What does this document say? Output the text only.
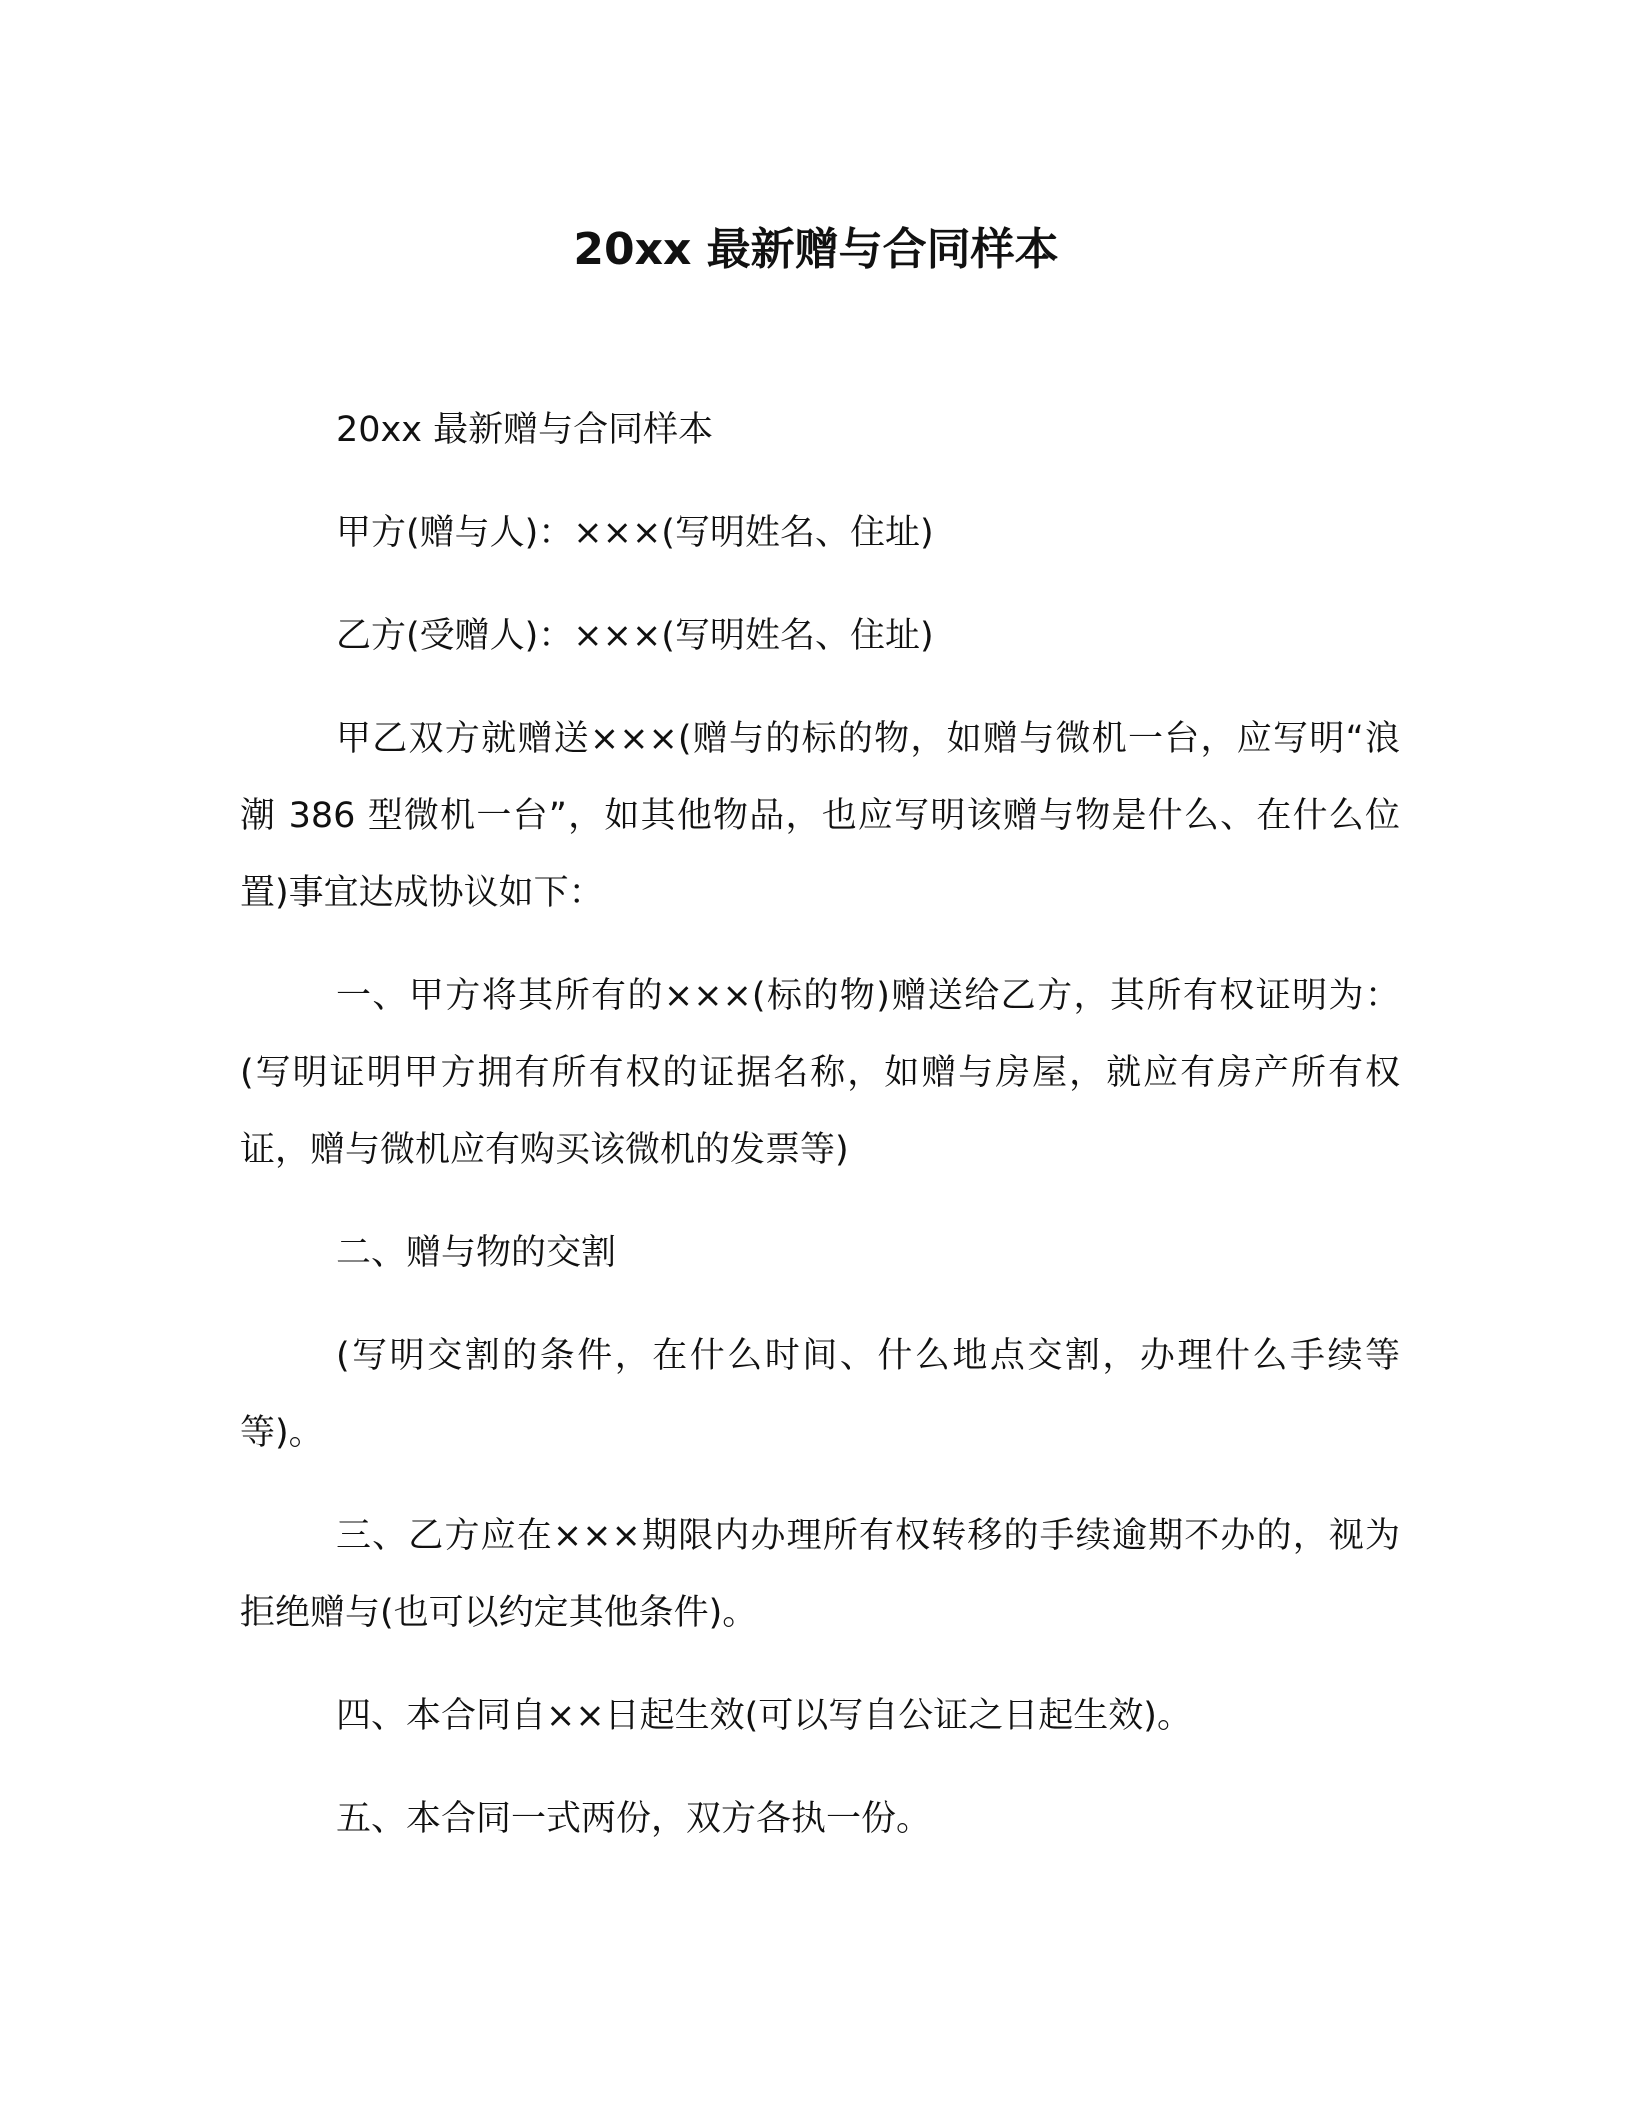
20xx 最新赠与合同样本

20xx 最新赠与合同样本

甲方(赠与人)：×××(写明姓名、住址)

乙方(受赠人)：×××(写明姓名、住址)

甲乙双方就赠送×××(赠与的标的物，如赠与微机一台，应写明“浪潮 386 型微机一台”，如其他物品，也应写明该赠与物是什么、在什么位置)事宜达成协议如下：

一、甲方将其所有的×××(标的物)赠送给乙方，其所有权证明为：(写明证明甲方拥有所有权的证据名称，如赠与房屋，就应有房产所有权证，赠与微机应有购买该微机的发票等)

二、赠与物的交割

(写明交割的条件，在什么时间、什么地点交割，办理什么手续等等)。

三、乙方应在×××期限内办理所有权转移的手续逾期不办的，视为拒绝赠与(也可以约定其他条件)。

四、本合同自××日起生效(可以写自公证之日起生效)。

五、本合同一式两份，双方各执一份。
